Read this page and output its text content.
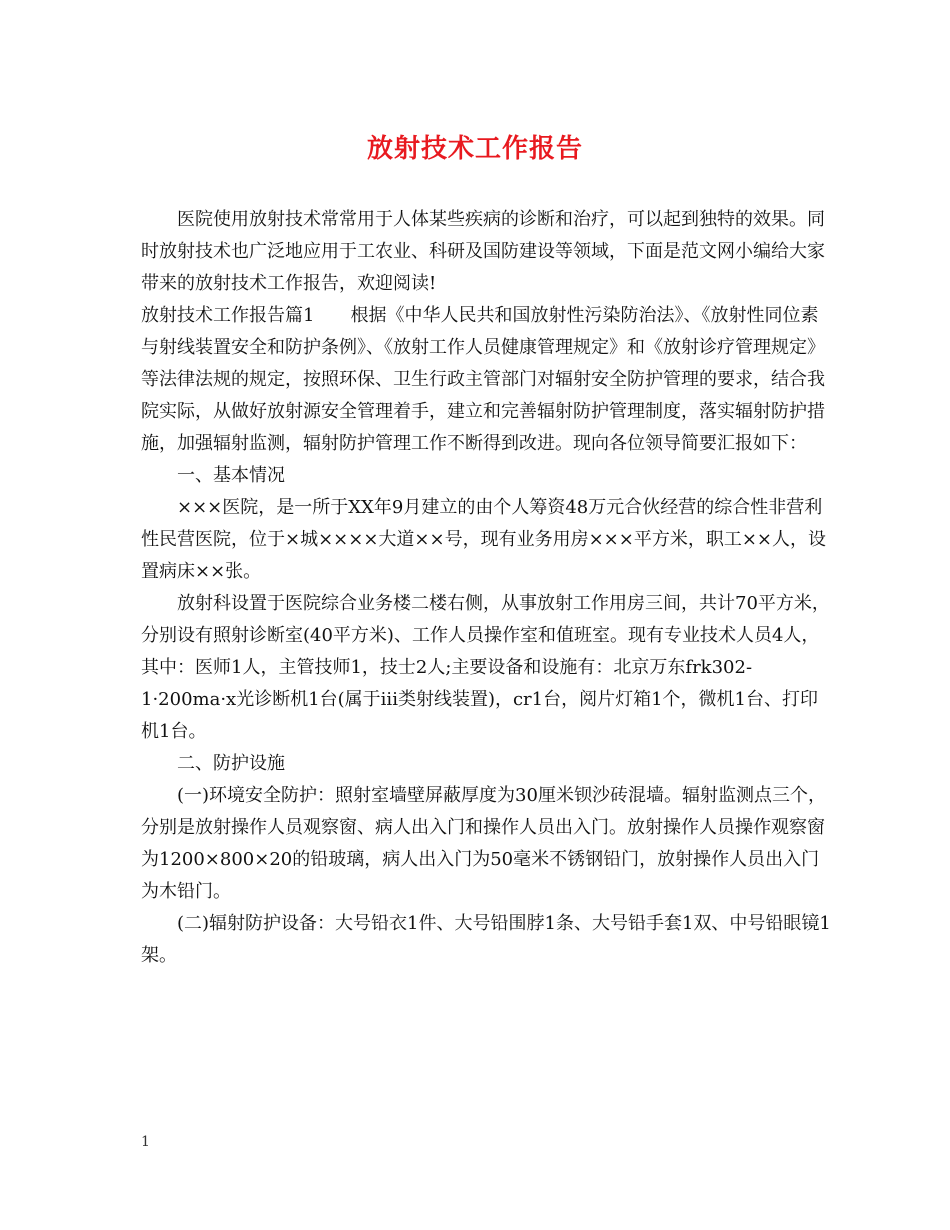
放射技术工作报告

医院使用放射技术常常用于人体某些疾病的诊断和治疗，可以起到独特的效果。同时放射技术也广泛地应用于工农业、科研及国防建设等领域，下面是范文网小编给大家带来的放射技术工作报告，欢迎阅读!

放射技术工作报告篇1 根据《中华人民共和国放射性污染防治法》、《放射性同位素与射线装置安全和防护条例》、《放射工作人员健康管理规定》和《放射诊疗管理规定》等法律法规的规定，按照环保、卫生行政主管部门对辐射安全防护管理的要求，结合我院实际，从做好放射源安全管理着手，建立和完善辐射防护管理制度，落实辐射防护措施，加强辐射监测，辐射防护管理工作不断得到改进。现向各位领导简要汇报如下：

一、基本情况

×××医院，是一所于XX年9月建立的由个人筹资48万元合伙经营的综合性非营利性民营医院，位于×城××××大道××号，现有业务用房×××平方米，职工××人，设置病床××张。

放射科设置于医院综合业务楼二楼右侧，从事放射工作用房三间，共计70平方米，分别设有照射诊断室(40平方米)、工作人员操作室和值班室。现有专业技术人员4人，其中：医师1人，主管技师1，技士2人;主要设备和设施有：北京万东frk302-1·200ma·x光诊断机1台(属于iii类射线装置)，cr1台，阅片灯箱1个，微机1台、打印机1台。

二、防护设施

(一)环境安全防护：照射室墙壁屏蔽厚度为30厘米钡沙砖混墙。辐射监测点三个，分别是放射操作人员观察窗、病人出入门和操作人员出入门。放射操作人员操作观察窗为1200×800×20的铅玻璃，病人出入门为50毫米不锈钢铅门，放射操作人员出入门为木铅门。

(二)辐射防护设备：大号铅衣1件、大号铅围脖1条、大号铅手套1双、中号铅眼镜1架。

1
